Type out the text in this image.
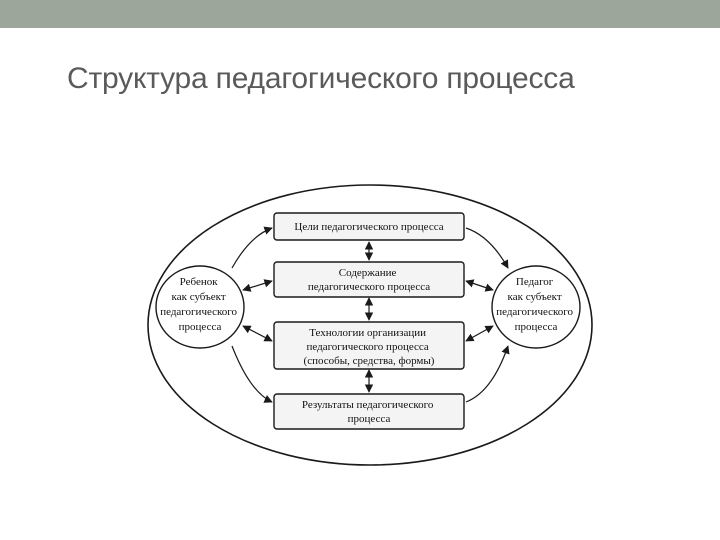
Структура педагогического процесса
Ребенок как субъект педагогического процесса
Педагог как субъект педагогического процесса
Цели педагогического процесса
Содержание педагогического процесса
Технологии организации педагогического процесса (способы, средства, формы)
Результаты педагогического процесса
